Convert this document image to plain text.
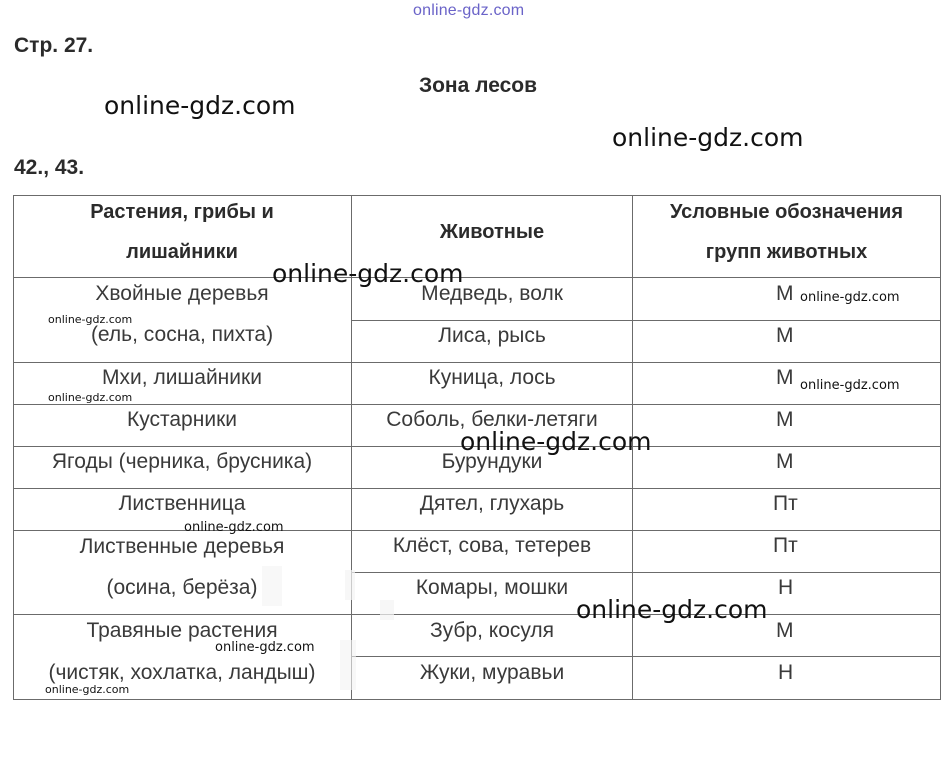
online-gdz.com
Стр. 27.
Зона лесов
42., 43.
Растения, грибы и
лишайники
Животные
Условные обозначения
групп животных
Хвойные деревья
(ель, сосна, пихта)
Мхи, лишайники
Кустарники
Ягоды (черника, брусника)
Лиственница
Лиственные деревья
(осина, берёза)
Травяные растения
(чистяк, хохлатка, ландыш)
Медведь, волк
Лиса, рысь
Куница, лось
Соболь, белки-летяги
Бурундуки
Дятел, глухарь
Клёст, сова, тетерев
Комары, мошки
Зубр, косуля
Жуки, муравьи
М
М
М
М
М
Пт
Пт
Н
М
Н
online-gdz.com
online-gdz.com
online-gdz.com
online-gdz.com
online-gdz.com
online-gdz.com
online-gdz.com
online-gdz.com
online-gdz.com
online-gdz.com
online-gdz.com
online-gdz.com
